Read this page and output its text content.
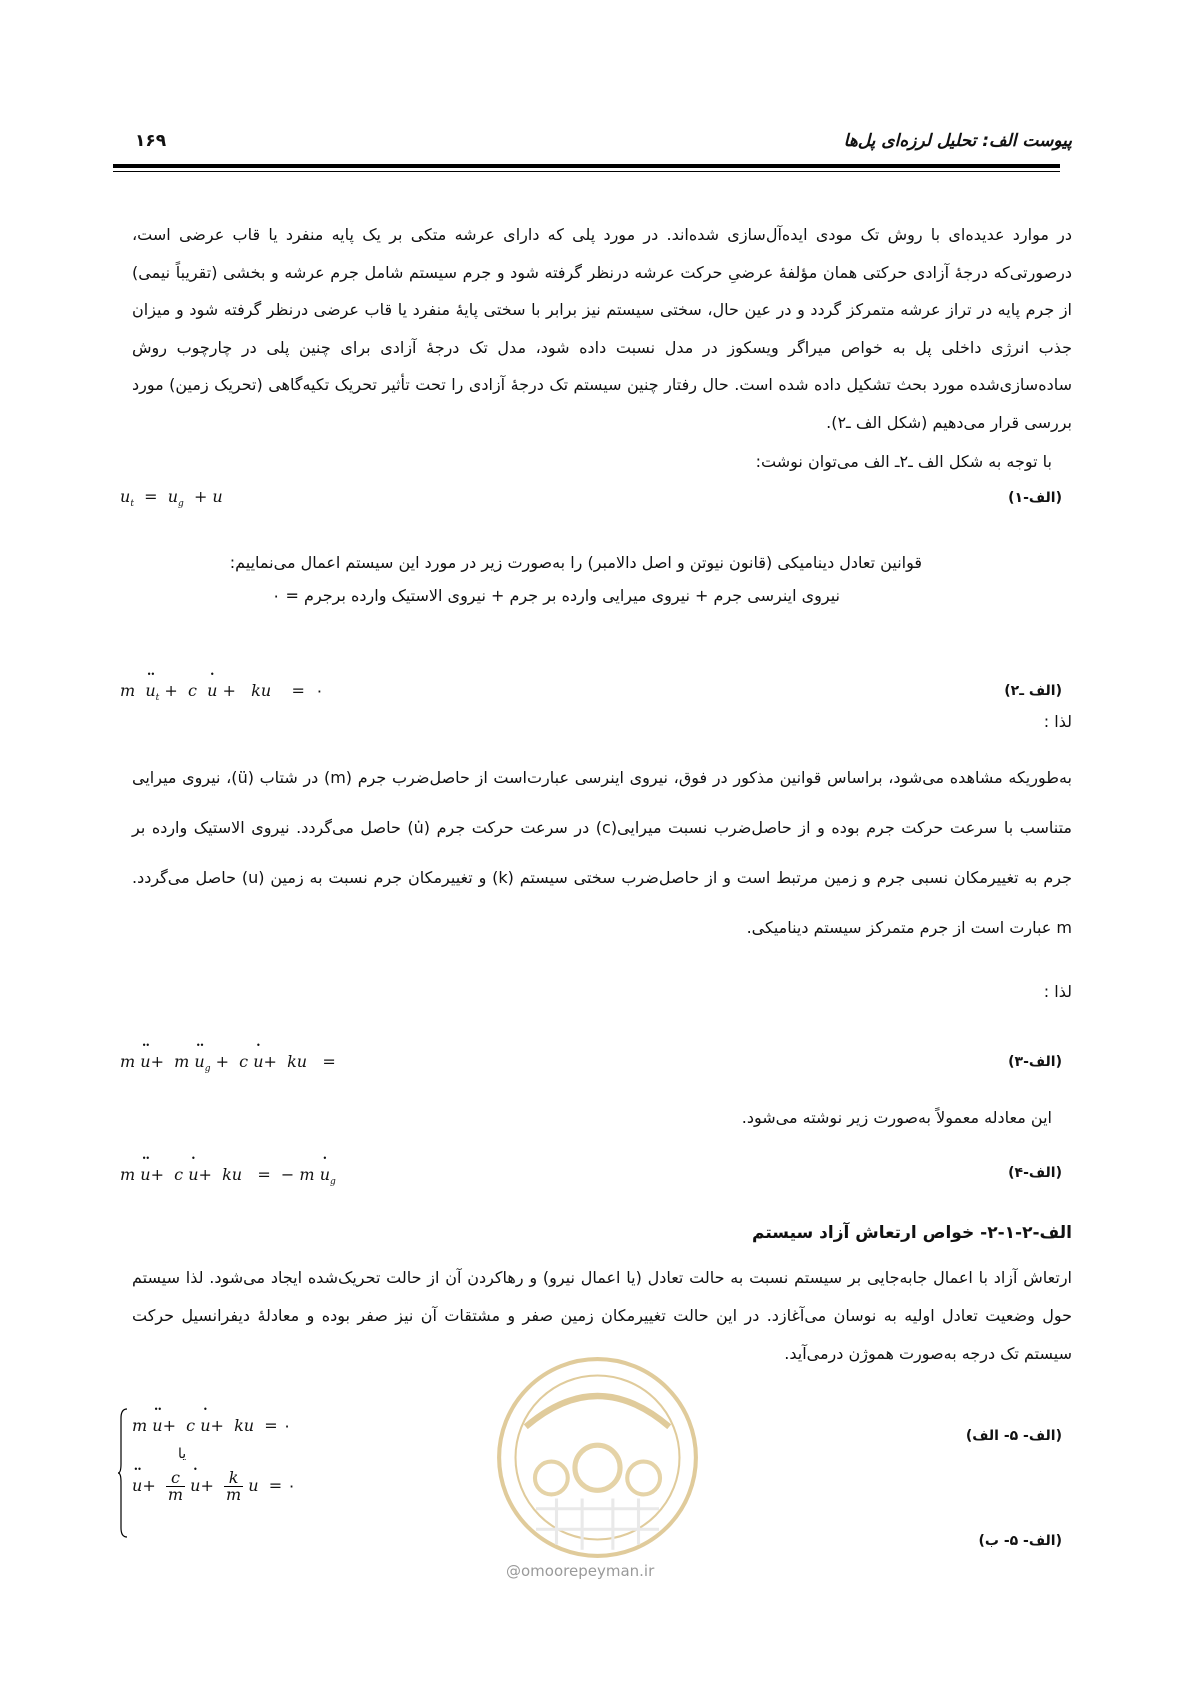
پیوست الف: تحلیل لرزه‌ای پل‌ها
۱۶۹

در موارد عدیده‌ای با روش تک مودی ایده‌آل‌سازی شده‌اند. در مورد پلی که دارای عرشه متکی بر یک پایه منفرد یا قاب عرضی است، درصورتی‌که درجهٔ آزادی حرکتی همان مؤلفهٔ عرضیِ حرکت عرشه درنظر گرفته شود و جرم سیستم شامل جرم عرشه و بخشی (تقریباً نیمی) از جرم پایه در تراز عرشه متمرکز گردد و در عین حال، سختی سیستم نیز برابر با سختی پایهٔ منفرد یا قاب عرضی درنظر گرفته شود و میزان جذب انرژی داخلی پل به خواص میراگر ویسکوز در مدل نسبت داده شود، مدل تک درجهٔ آزادی برای چنین پلی در چارچوب روش ساده‌سازی‌شده مورد بحث تشکیل داده شده است. حال رفتار چنین سیستم تک درجهٔ آزادی را تحت تأثیر تحریک تکیه‌گاهی (تحریک زمین) مورد بررسی قرار می‌دهیم (شکل الف ـ۲).

با توجه به شکل الف ـ۲ـ الف می‌توان نوشت:

$u_t = u_g + u$	(الف-۱)

قوانین تعادل دینامیکی (قانون نیوتن و اصل دالامبر) را به‌صورت زیر در مورد این سیستم اعمال می‌نماییم:

نیروی اینرسی جرم + نیروی میرایی وارده بر جرم + نیروی الاستیک وارده برجرم = ۰

m  •• $u_t + c$  • u +   ku    =  ۰	(الف ـ۲)

لذا :

به‌طوریکه مشاهده می‌شود، براساس قوانین مذکور در فوق، نیروی اینرسی عبارت‌است از حاصل‌ضرب جرم (m) در شتاب (ü)، نیروی میرایی متناسب با سرعت حرکت جرم بوده و از حاصل‌ضرب نسبت میرایی(c) در سرعت حرکت جرم (u̇) حاصل می‌گردد. نیروی الاستیک وارده بر جرم به تغییرمکان نسبی جرم و زمین مرتبط است و از حاصل‌ضرب سختی سیستم (k) و تغییرمکان جرم نسبت به زمین (u) حاصل می‌گردد. m عبارت است از جرم متمرکز سیستم دینامیکی.

لذا :

m •• u+  m •• $u_g + c$ • u+  ku   =	(الف-۳)

این معادله معمولاً به‌صورت زیر نوشته می‌شود.

m •• u+  c • u+  ku   =  − m • $u_g$
(الف-۴)
الف-۲-۱-۲- خواص ارتعاش آزاد سیستم

ارتعاش آزاد با اعمال جابه‌جایی بر سیستم نسبت به حالت تعادل (یا اعمال نیرو) و رهاکردن آن از حالت تحریک‌شده ایجاد می‌شود. لذا سیستم حول وضعیت تعادل اولیه به نوسان می‌آغازد. در این حالت تغییرمکان زمین صفر و مشتقات آن نیز صفر بوده و معادلهٔ دیفرانسیل حرکت سیستم تک درجه به‌صورت هموژن درمی‌آید.

@omoorepeyman.ir
m •• u+  c • u+  ku  = ۰
یا
•• $u+ \frac{c}{m}$
• $u+ \frac{k}{m}$ u  = ۰
(الف- ۵- الف)
(الف- ۵- ب)
